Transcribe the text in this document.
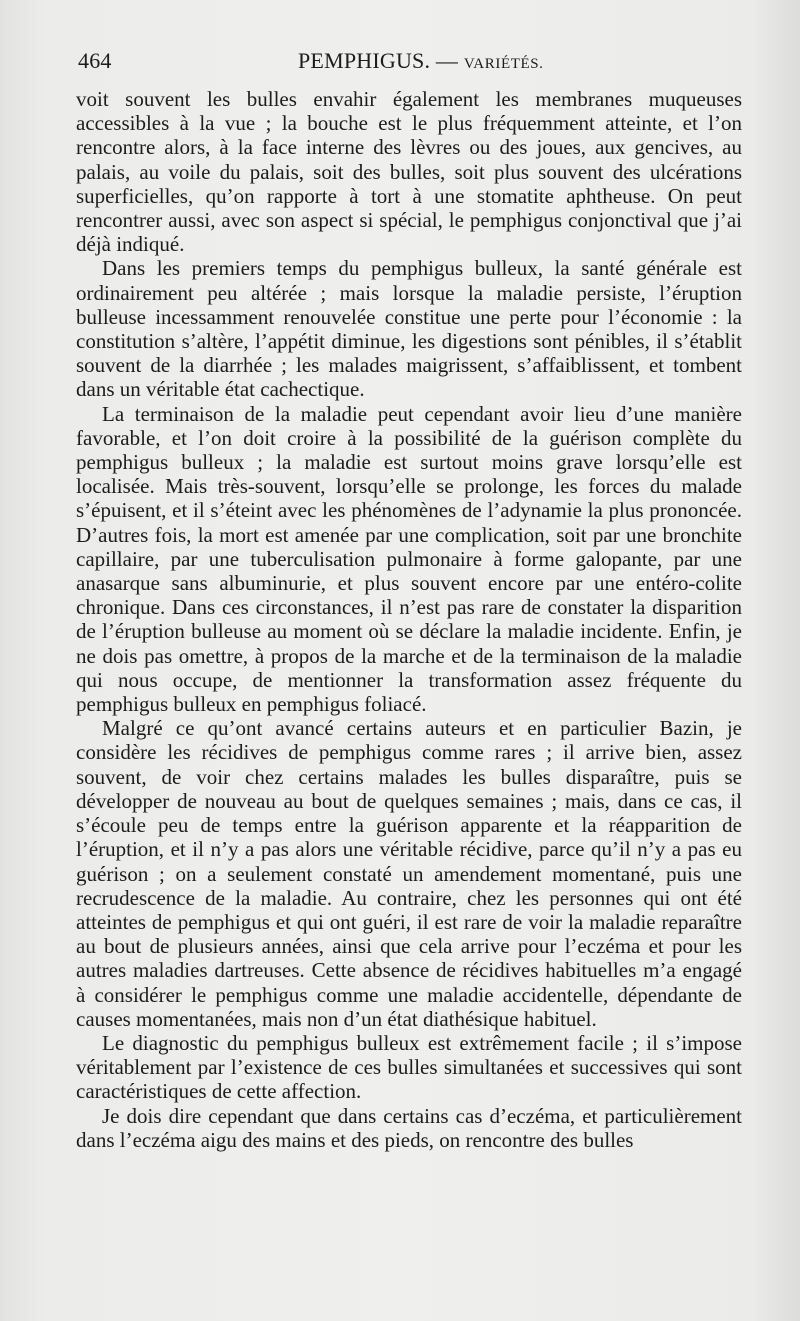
464	PEMPHIGUS. — VARIÉTÉS.

voit souvent les bulles envahir également les membranes muqueuses accessibles à la vue ; la bouche est le plus fréquemment atteinte, et l’on rencontre alors, à la face interne des lèvres ou des joues, aux gencives, au palais, au voile du palais, soit des bulles, soit plus souvent des ulcérations superficielles, qu’on rapporte à tort à une stomatite aphtheuse. On peut rencontrer aussi, avec son aspect si spécial, le pemphigus conjonctival que j’ai déjà indiqué.

Dans les premiers temps du pemphigus bulleux, la santé générale est ordinairement peu altérée ; mais lorsque la maladie persiste, l’éruption bulleuse incessamment renouvelée constitue une perte pour l’économie : la constitution s’altère, l’appétit diminue, les digestions sont pénibles, il s’établit souvent de la diarrhée ; les malades maigrissent, s’affaiblissent, et tombent dans un véritable état cachectique.

La terminaison de la maladie peut cependant avoir lieu d’une manière favorable, et l’on doit croire à la possibilité de la guérison complète du pemphigus bulleux ; la maladie est surtout moins grave lorsqu’elle est localisée. Mais très-souvent, lorsqu’elle se prolonge, les forces du malade s’épuisent, et il s’éteint avec les phénomènes de l’adynamie la plus prononcée. D’autres fois, la mort est amenée par une complication, soit par une bronchite capillaire, par une tuberculisation pulmonaire à forme galopante, par une anasarque sans albuminurie, et plus souvent encore par une entéro-colite chronique. Dans ces circonstances, il n’est pas rare de constater la disparition de l’éruption bulleuse au moment où se déclare la maladie incidente. Enfin, je ne dois pas omettre, à propos de la marche et de la terminaison de la maladie qui nous occupe, de mentionner la transformation assez fréquente du pemphigus bulleux en pemphigus foliacé.

Malgré ce qu’ont avancé certains auteurs et en particulier Bazin, je considère les récidives de pemphigus comme rares ; il arrive bien, assez souvent, de voir chez certains malades les bulles disparaître, puis se développer de nouveau au bout de quelques semaines ; mais, dans ce cas, il s’écoule peu de temps entre la guérison apparente et la réapparition de l’éruption, et il n’y a pas alors une véritable récidive, parce qu’il n’y a pas eu guérison ; on a seulement constaté un amendement momentané, puis une recrudescence de la maladie. Au contraire, chez les personnes qui ont été atteintes de pemphigus et qui ont guéri, il est rare de voir la maladie reparaître au bout de plusieurs années, ainsi que cela arrive pour l’eczéma et pour les autres maladies dartreuses. Cette absence de récidives habituelles m’a engagé à considérer le pemphigus comme une maladie accidentelle, dépendante de causes momentanées, mais non d’un état diathésique habituel.

Le diagnostic du pemphigus bulleux est extrêmement facile ; il s’impose véritablement par l’existence de ces bulles simultanées et successives qui sont caractéristiques de cette affection.

Je dois dire cependant que dans certains cas d’eczéma, et particulièrement dans l’eczéma aigu des mains et des pieds, on rencontre des bulles
